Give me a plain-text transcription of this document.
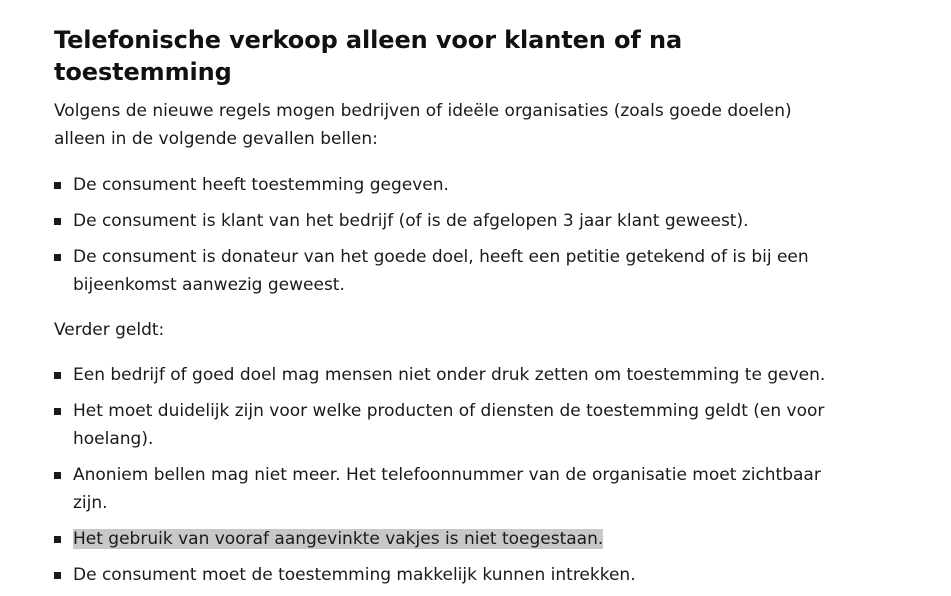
Telefonische verkoop alleen voor klanten of na toestemming

Volgens de nieuwe regels mogen bedrijven of ideële organisaties (zoals goede doelen) alleen in de volgende gevallen bellen:

De consument heeft toestemming gegeven.
De consument is klant van het bedrijf (of is de afgelopen 3 jaar klant geweest).
De consument is donateur van het goede doel, heeft een petitie getekend of is bij een bijeenkomst aanwezig geweest.

Verder geldt:

Een bedrijf of goed doel mag mensen niet onder druk zetten om toestemming te geven.
Het moet duidelijk zijn voor welke producten of diensten de toestemming geldt (en voor hoelang).
Anoniem bellen mag niet meer. Het telefoonnummer van de organisatie moet zichtbaar zijn.
Het gebruik van vooraf aangevinkte vakjes is niet toegestaan.
De consument moet de toestemming makkelijk kunnen intrekken.
